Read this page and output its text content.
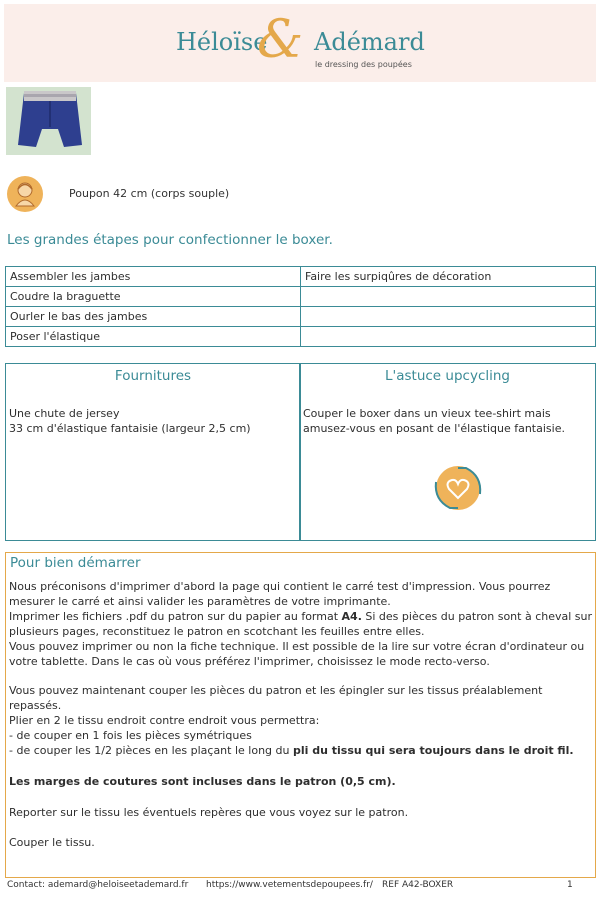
Héloïse
& Adémard
le dressing des poupées
Poupon 42 cm (corps souple)
Les grandes étapes pour confectionner le boxer.
Assembler les jambes	Faire les surpiqûres de décoration
Coudre la braguette	
Ourler le bas des jambes	
Poser l'élastique	
Fournitures
Une chute de jersey
33 cm d'élastique fantaisie (largeur 2,5 cm)
L'astuce upcycling
Couper le boxer dans un vieux tee-shirt mais amusez-vous en posant de l'élastique fantaisie.
Pour bien démarrer

Nous préconisons d'imprimer d'abord la page qui contient le carré test d'impression. Vous pourrez mesurer le carré et ainsi valider les paramètres de votre imprimante.

Imprimer les fichiers .pdf du patron sur du papier au format A4. Si des pièces du patron sont à cheval sur plusieurs pages, reconstituez le patron en scotchant les feuilles entre elles.

Vous pouvez imprimer ou non la fiche technique. Il est possible de la lire sur votre écran d'ordinateur ou votre tablette. Dans le cas où vous préférez l'imprimer, choisissez le mode recto-verso.

Vous pouvez maintenant couper les pièces du patron et les épingler sur les tissus préalablement repassés.

Plier en 2 le tissu endroit contre endroit vous permettra:

- de couper en 1 fois les pièces symétriques

- de couper les 1/2 pièces en les plaçant le long du pli du tissu qui sera toujours dans le droit fil.

Les marges de coutures sont incluses dans le patron (0,5 cm).

Reporter sur le tissu les éventuels repères que vous voyez sur le patron.

Couper le tissu.

Contact: ademard@heloiseetademard.fr https://www.vetementsdepoupees.fr/ REF A42-BOXER	1
